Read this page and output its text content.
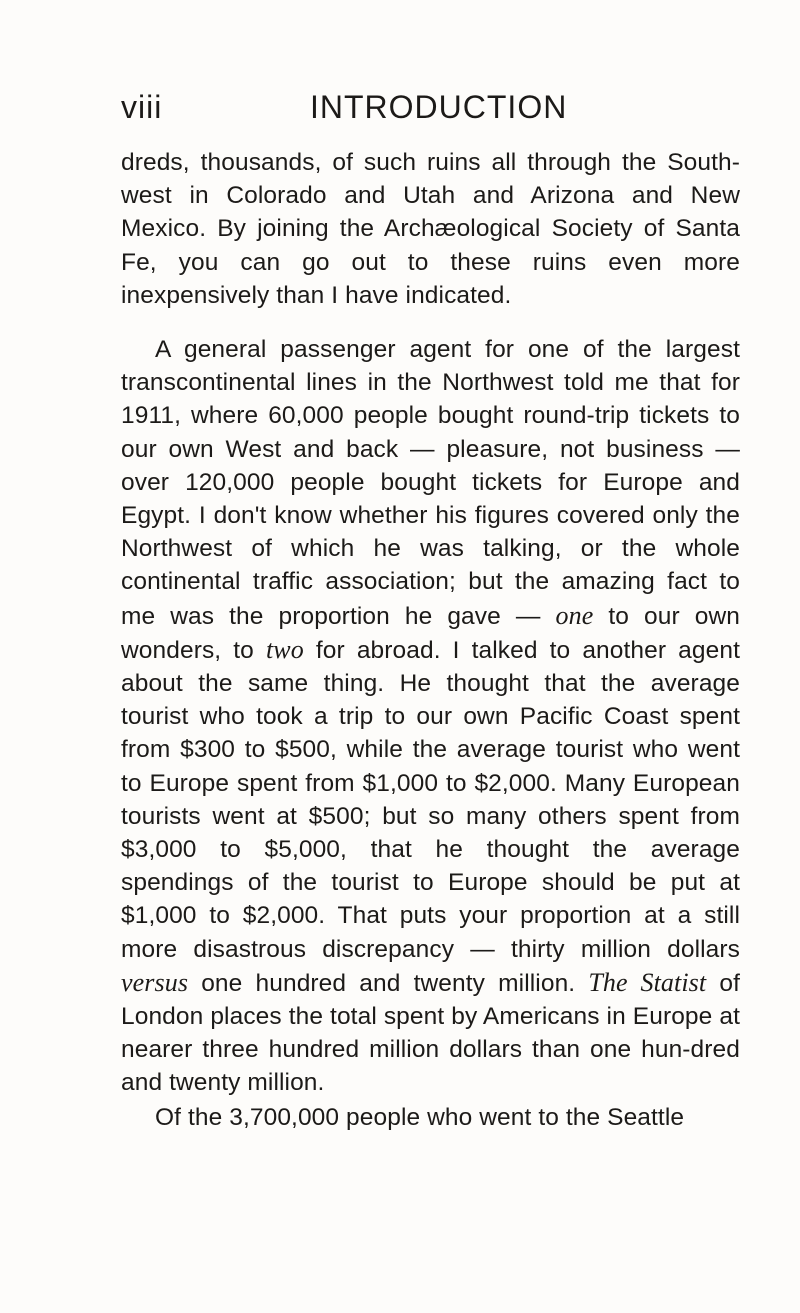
viii	INTRODUCTION

dreds, thousands, of such ruins all through the South-west in Colorado and Utah and Arizona and New Mexico. By joining the Archæological Society of Santa Fe, you can go out to these ruins even more inexpensively than I have indicated.

A general passenger agent for one of the largest transcontinental lines in the Northwest told me that for 1911, where 60,000 people bought round-trip tickets to our own West and back — pleasure, not business — over 120,000 people bought tickets for Europe and Egypt. I don't know whether his figures covered only the Northwest of which he was talking, or the whole continental traffic association; but the amazing fact to me was the proportion he gave — one to our own wonders, to two for abroad. I talked to another agent about the same thing. He thought that the average tourist who took a trip to our own Pacific Coast spent from $300 to $500, while the average tourist who went to Europe spent from $1,000 to $2,000. Many European tourists went at $500; but so many others spent from $3,000 to $5,000, that he thought the average spendings of the tourist to Europe should be put at $1,000 to $2,000. That puts your proportion at a still more disastrous discrepancy — thirty million dollars versus one hundred and twenty million. The Statist of London places the total spent by Americans in Europe at nearer three hundred million dollars than one hun-dred and twenty million.

Of the 3,700,000 people who went to the Seattle
